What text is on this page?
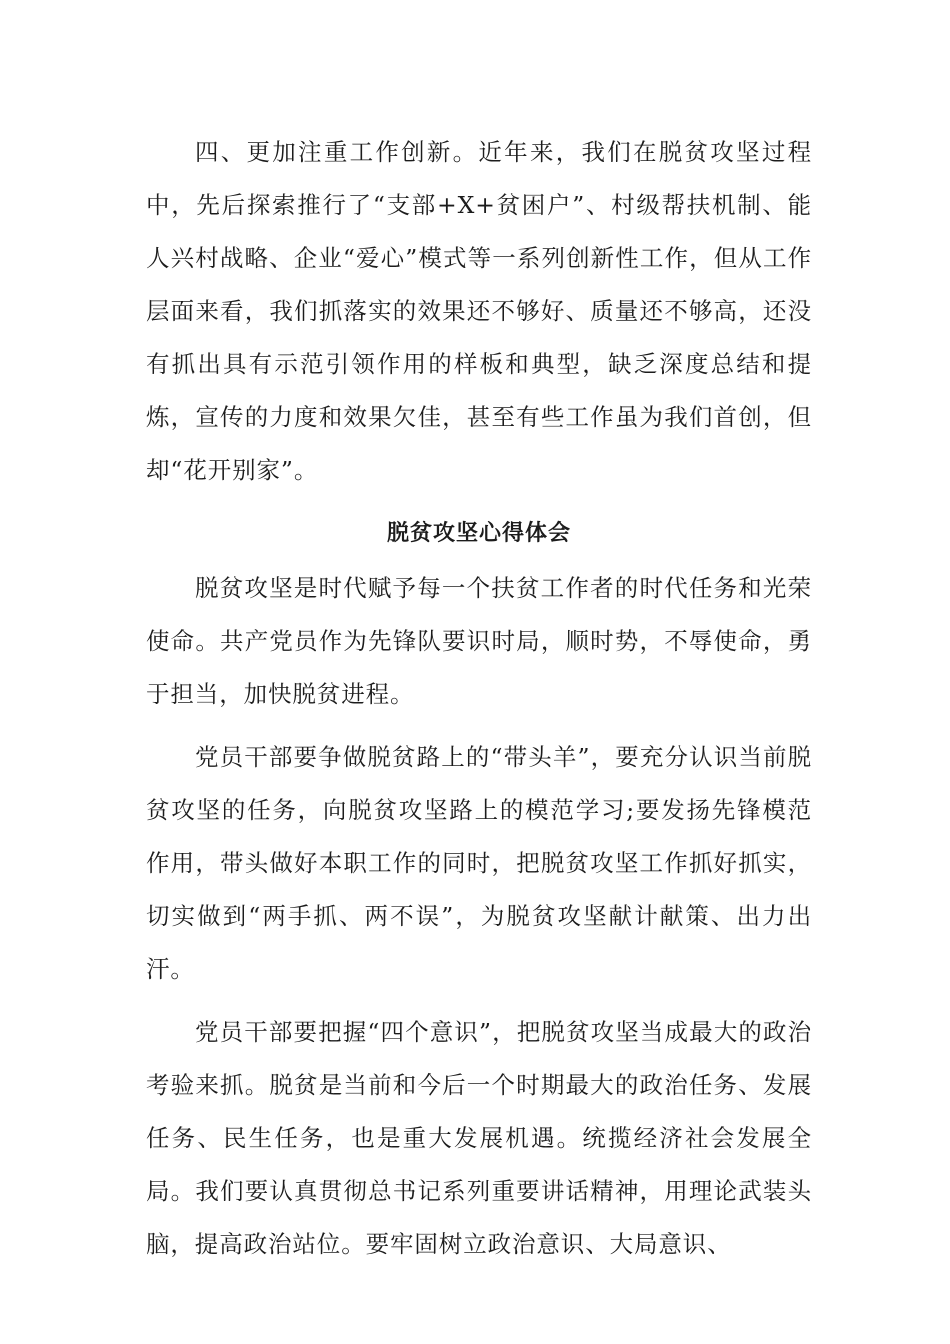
四、更加注重工作创新。近年来，我们在脱贫攻坚过程中，先后探索推行了“支部+X+贫困户”、村级帮扶机制、能人兴村战略、企业“爱心”模式等一系列创新性工作，但从工作层面来看，我们抓落实的效果还不够好、质量还不够高，还没有抓出具有示范引领作用的样板和典型，缺乏深度总结和提炼，宣传的力度和效果欠佳，甚至有些工作虽为我们首创，但却“花开别家”。

脱贫攻坚心得体会

脱贫攻坚是时代赋予每一个扶贫工作者的时代任务和光荣使命。共产党员作为先锋队要识时局，顺时势，不辱使命，勇于担当，加快脱贫进程。

党员干部要争做脱贫路上的“带头羊”，要充分认识当前脱贫攻坚的任务，向脱贫攻坚路上的模范学习;要发扬先锋模范作用，带头做好本职工作的同时，把脱贫攻坚工作抓好抓实，切实做到“两手抓、两不误”，为脱贫攻坚献计献策、出力出汗。

党员干部要把握“四个意识”，把脱贫攻坚当成最大的政治考验来抓。脱贫是当前和今后一个时期最大的政治任务、发展任务、民生任务，也是重大发展机遇。统揽经济社会发展全局。我们要认真贯彻总书记系列重要讲话精神，用理论武装头脑，提高政治站位。要牢固树立政治意识、大局意识、
